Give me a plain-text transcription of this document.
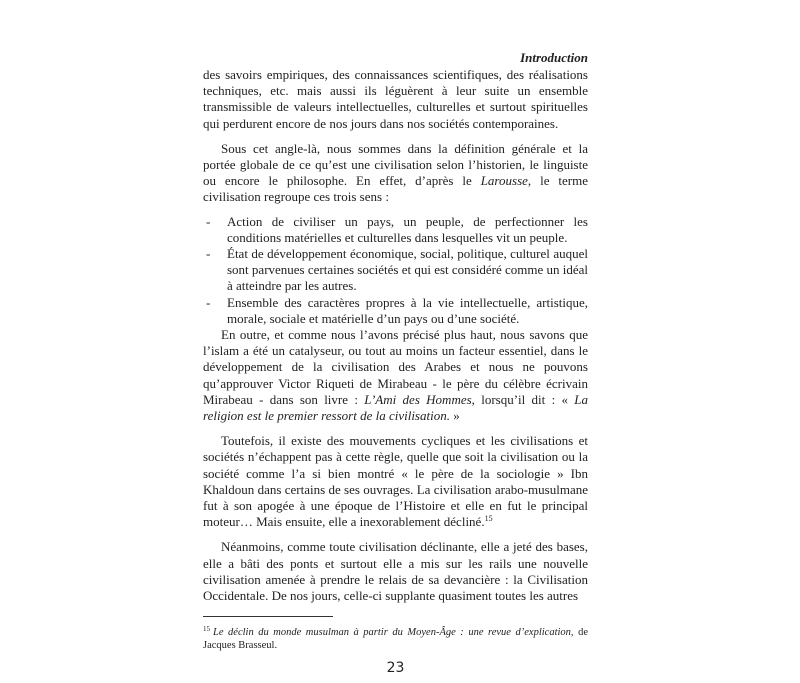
Introduction

des savoirs empiriques, des connaissances scientifiques, des réalisations techniques, etc. mais aussi ils léguèrent à leur suite un ensemble transmissible de valeurs intellectuelles, culturelles et surtout spirituelles qui perdurent encore de nos jours dans nos sociétés contemporaines.

Sous cet angle-là, nous sommes dans la définition générale et la portée globale de ce qu’est une civilisation selon l’historien, le linguiste ou encore le philosophe. En effet, d’après le Larousse, le terme civilisation regroupe ces trois sens :

- Action de civiliser un pays, un peuple, de perfectionner les conditions matérielles et culturelles dans lesquelles vit un peuple.
- État de développement économique, social, politique, culturel auquel sont parvenues certaines sociétés et qui est considéré comme un idéal à atteindre par les autres.
- Ensemble des caractères propres à la vie intellectuelle, artistique, morale, sociale et matérielle d’un pays ou d’une société.

En outre, et comme nous l’avons précisé plus haut, nous savons que l’islam a été un catalyseur, ou tout au moins un facteur essentiel, dans le développement de la civilisation des Arabes et nous ne pouvons qu’approuver Victor Riqueti de Mirabeau - le père du célèbre écrivain Mirabeau - dans son livre : L’Ami des Hommes, lorsqu’il dit : « La religion est le premier ressort de la civilisation. »

Toutefois, il existe des mouvements cycliques et les civilisations et sociétés n’échappent pas à cette règle, quelle que soit la civilisation ou la société comme l’a si bien montré « le père de la sociologie » Ibn Khaldoun dans certains de ses ouvrages. La civilisation arabo-musulmane fut à son apogée à une époque de l’Histoire et elle en fut le principal moteur… Mais ensuite, elle a inexorablement décliné.$^{15}$

Néanmoins, comme toute civilisation déclinante, elle a jeté des bases, elle a bâti des ponts et surtout elle a mis sur les rails une nouvelle civilisation amenée à prendre le relais de sa devancière : la Civilisation Occidentale. De nos jours, celle-ci supplante quasiment toutes les autres

$^{15}$ Le déclin du monde musulman à partir du Moyen-Âge : une revue d’explication, de Jacques Brasseul.
23
